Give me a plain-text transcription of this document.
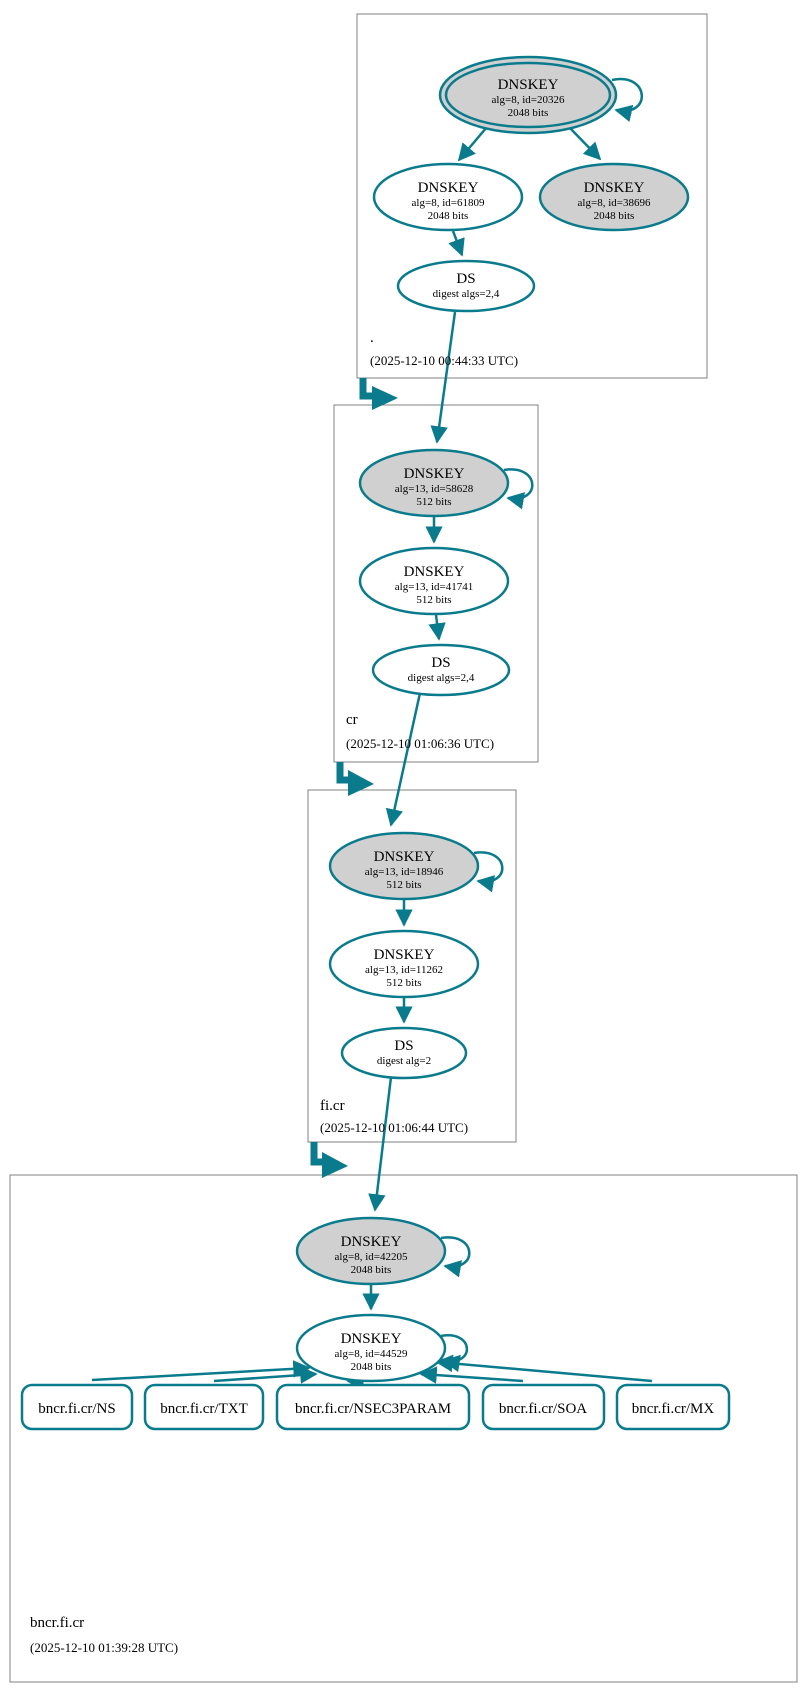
DNSKEY
alg=8, id=20326
2048 bits
DNSKEY
alg=8, id=61809
2048 bits
DNSKEY
alg=8, id=38696
2048 bits
DS
digest algs=2,4
DNSKEY
alg=13, id=58628
512 bits
DNSKEY
alg=13, id=41741
512 bits
DS
digest algs=2,4
DNSKEY
alg=13, id=18946
512 bits
DNSKEY
alg=13, id=11262
512 bits
DS
digest alg=2
DNSKEY
alg=8, id=42205
2048 bits
DNSKEY
alg=8, id=44529
2048 bits
bncr.fi.cr/NS	bncr.fi.cr/TXT	bncr.fi.cr/NSEC3PARAM	bncr.fi.cr/SOA	bncr.fi.cr/MX
.
(2025-12-10 00:44:33 UTC)
cr
(2025-12-10 01:06:36 UTC)
fi.cr
(2025-12-10 01:06:44 UTC)
bncr.fi.cr
(2025-12-10 01:39:28 UTC)
